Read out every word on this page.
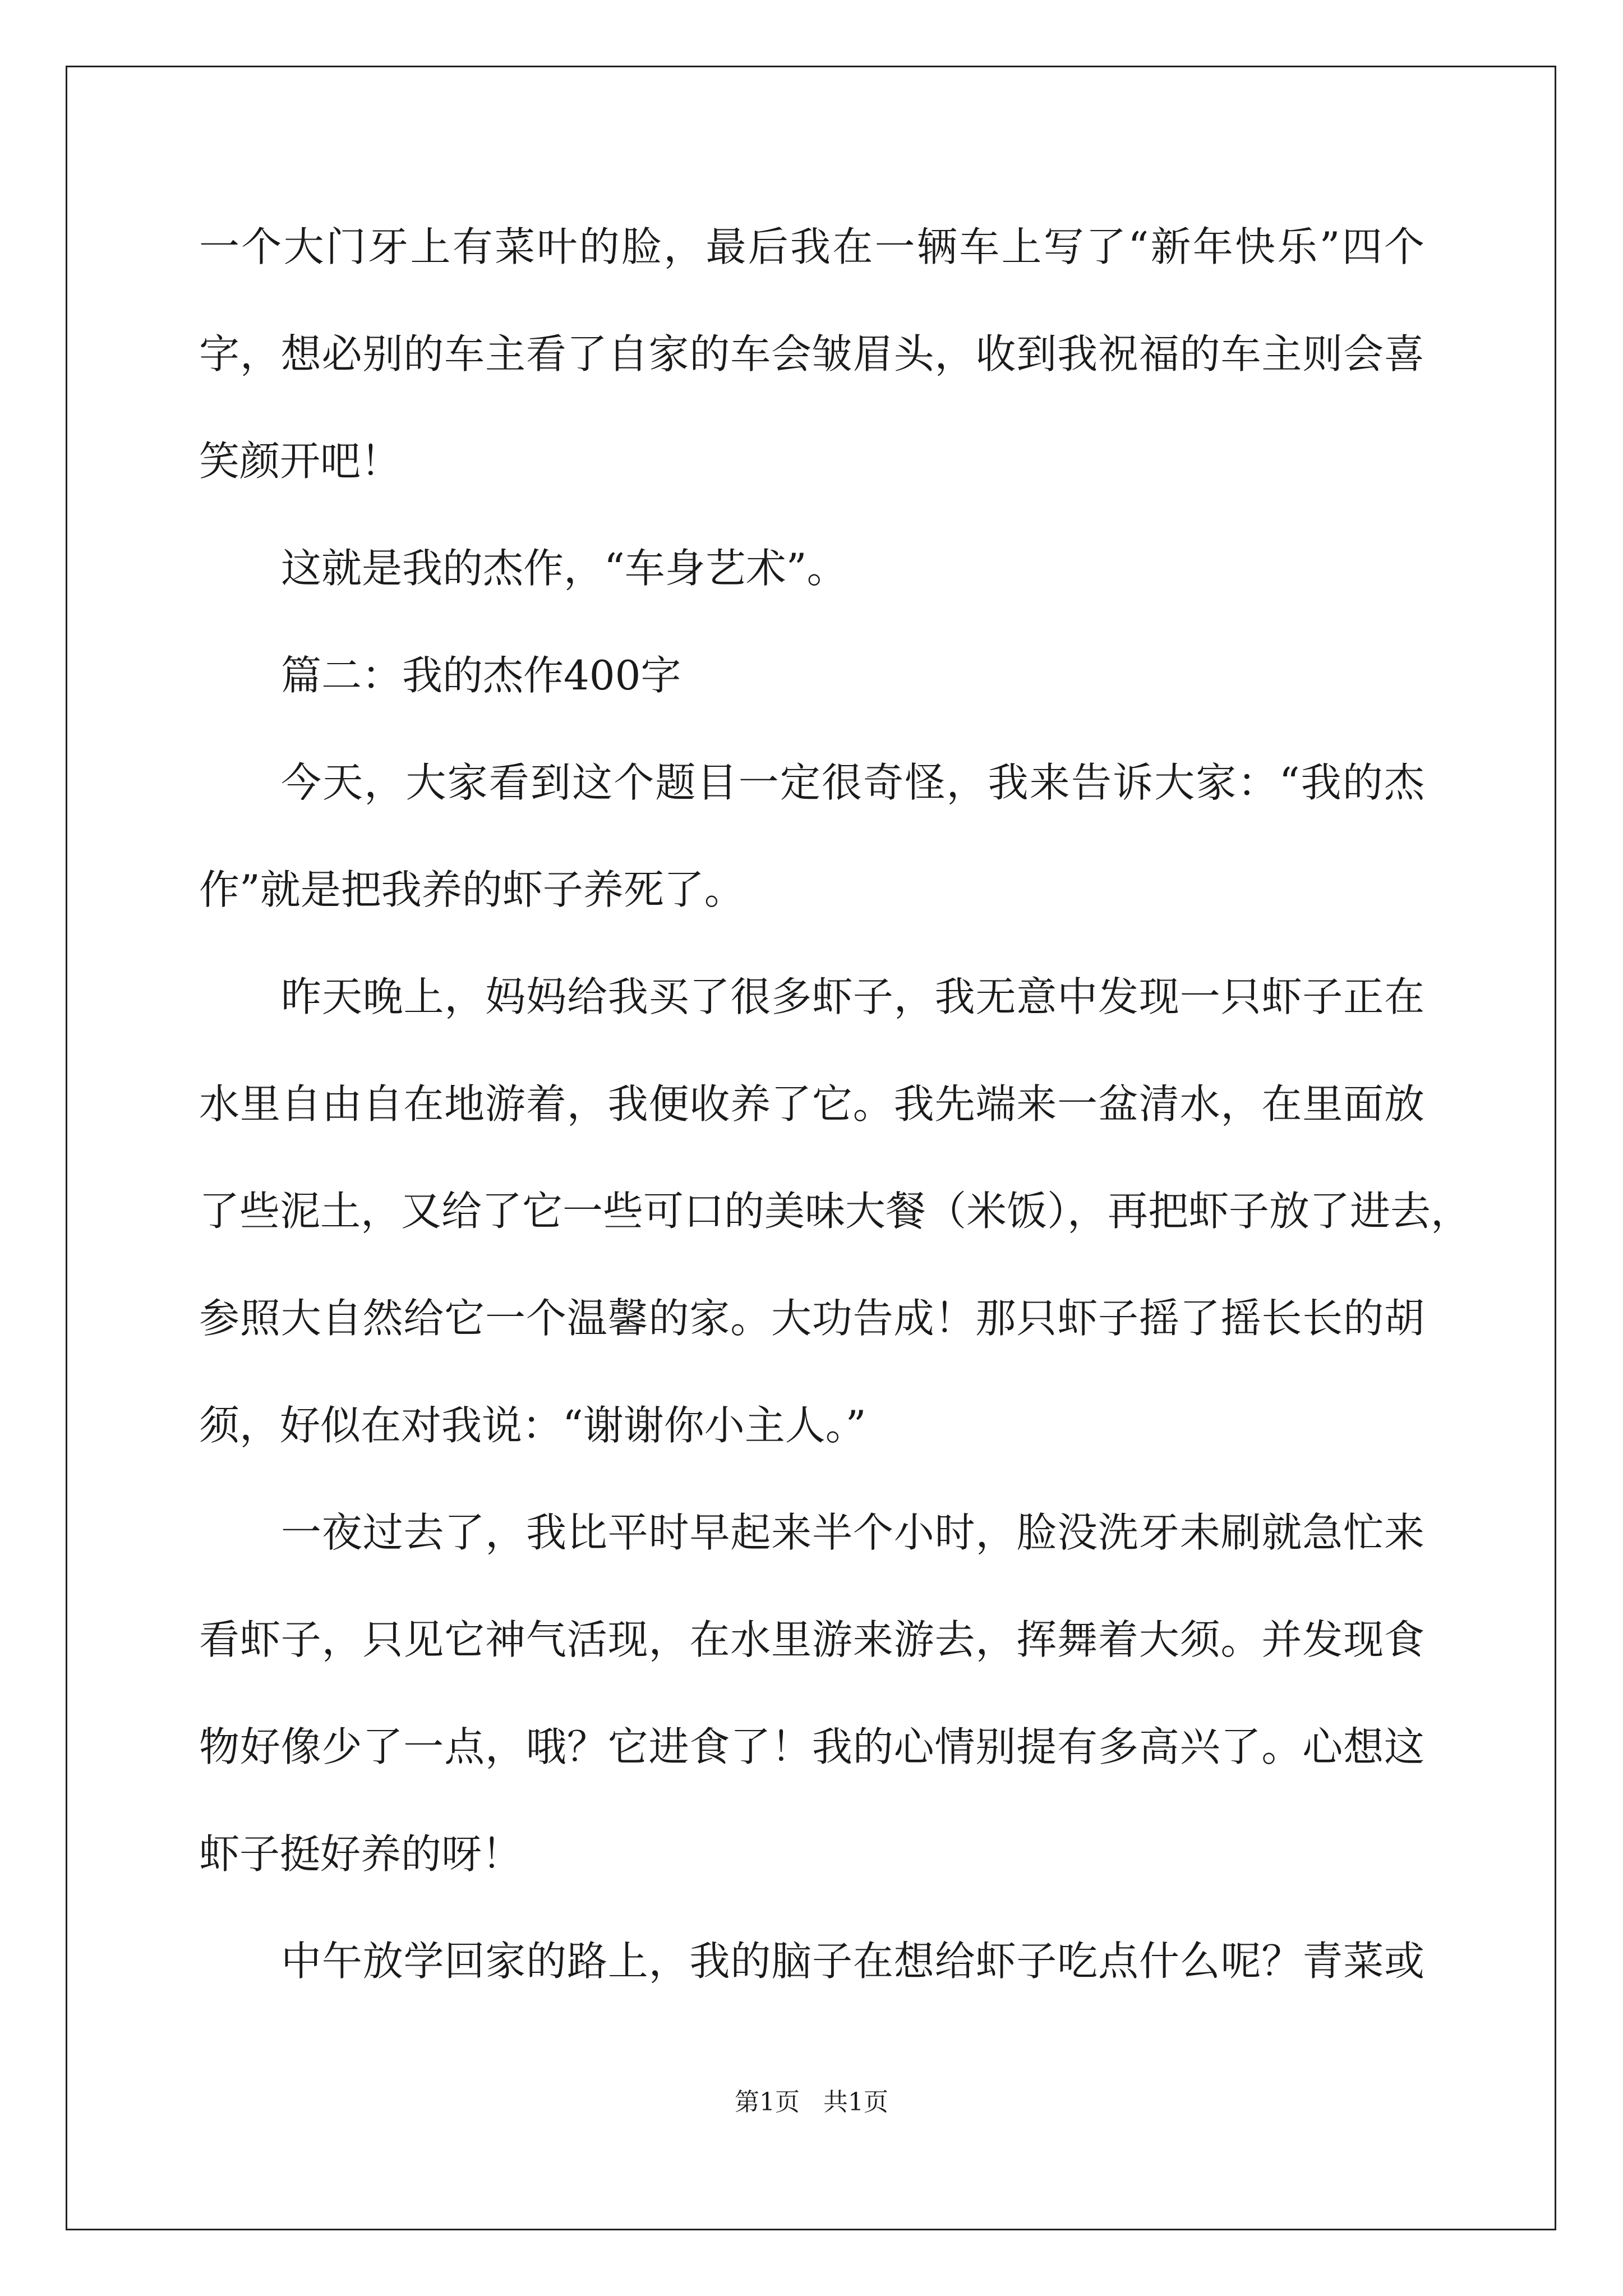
一个大门牙上有菜叶的脸，最后我在一辆车上写了“新年快乐”四个
字，想必别的车主看了自家的车会皱眉头，收到我祝福的车主则会喜
笑颜开吧！
这就是我的杰作，“车身艺术”。
篇二：我的杰作400字
今天，大家看到这个题目一定很奇怪，我来告诉大家：“我的杰
作”就是把我养的虾子养死了。
昨天晚上，妈妈给我买了很多虾子，我无意中发现一只虾子正在
水里自由自在地游着，我便收养了它。我先端来一盆清水，在里面放
了些泥土，又给了它一些可口的美味大餐（米饭），再把虾子放了进去，
参照大自然给它一个温馨的家。大功告成！那只虾子摇了摇长长的胡
须，好似在对我说：“谢谢你小主人。”
一夜过去了，我比平时早起来半个小时，脸没洗牙未刷就急忙来
看虾子，只见它神气活现，在水里游来游去，挥舞着大须。并发现食
物好像少了一点，哦？它进食了！我的心情别提有多高兴了。心想这
虾子挺好养的呀！
中午放学回家的路上，我的脑子在想给虾子吃点什么呢？青菜或
第1页   共1页
